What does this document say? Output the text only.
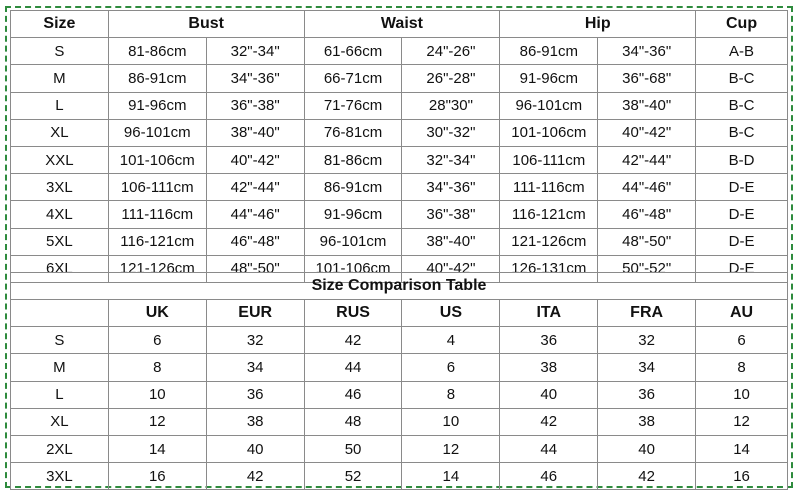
Size	Bust		Waist		Hip		Cup
S	81-86cm	32"-34"	61-66cm	24"-26"	86-91cm	34"-36"	A-B
M	86-91cm	34"-36"	66-71cm	26"-28"	91-96cm	36"-68"	B-C
L	91-96cm	36"-38"	71-76cm	28"30"	96-101cm	38"-40"	B-C
XL	96-101cm	38"-40"	76-81cm	30"-32"	101-106cm	40"-42"	B-C
XXL	101-106cm	40"-42"	81-86cm	32"-34"	106-111cm	42"-44"	B-D
3XL	106-111cm	42"-44"	86-91cm	34"-36"	111-116cm	44"-46"	D-E
4XL	111-116cm	44"-46"	91-96cm	36"-38"	116-121cm	46"-48"	D-E
5XL	116-121cm	46"-48"	96-101cm	38"-40"	121-126cm	48"-50"	D-E
6XL	121-126cm	48"-50"	101-106cm	40"-42"	126-131cm	50"-52"	D-E
Size Comparison Table
	UK	EUR	RUS	US	ITA	FRA	AU
S	6	32	42	4	36	32	6
M	8	34	44	6	38	34	8
L	10	36	46	8	40	36	10
XL	12	38	48	10	42	38	12
2XL	14	40	50	12	44	40	14
3XL	16	42	52	14	46	42	16
